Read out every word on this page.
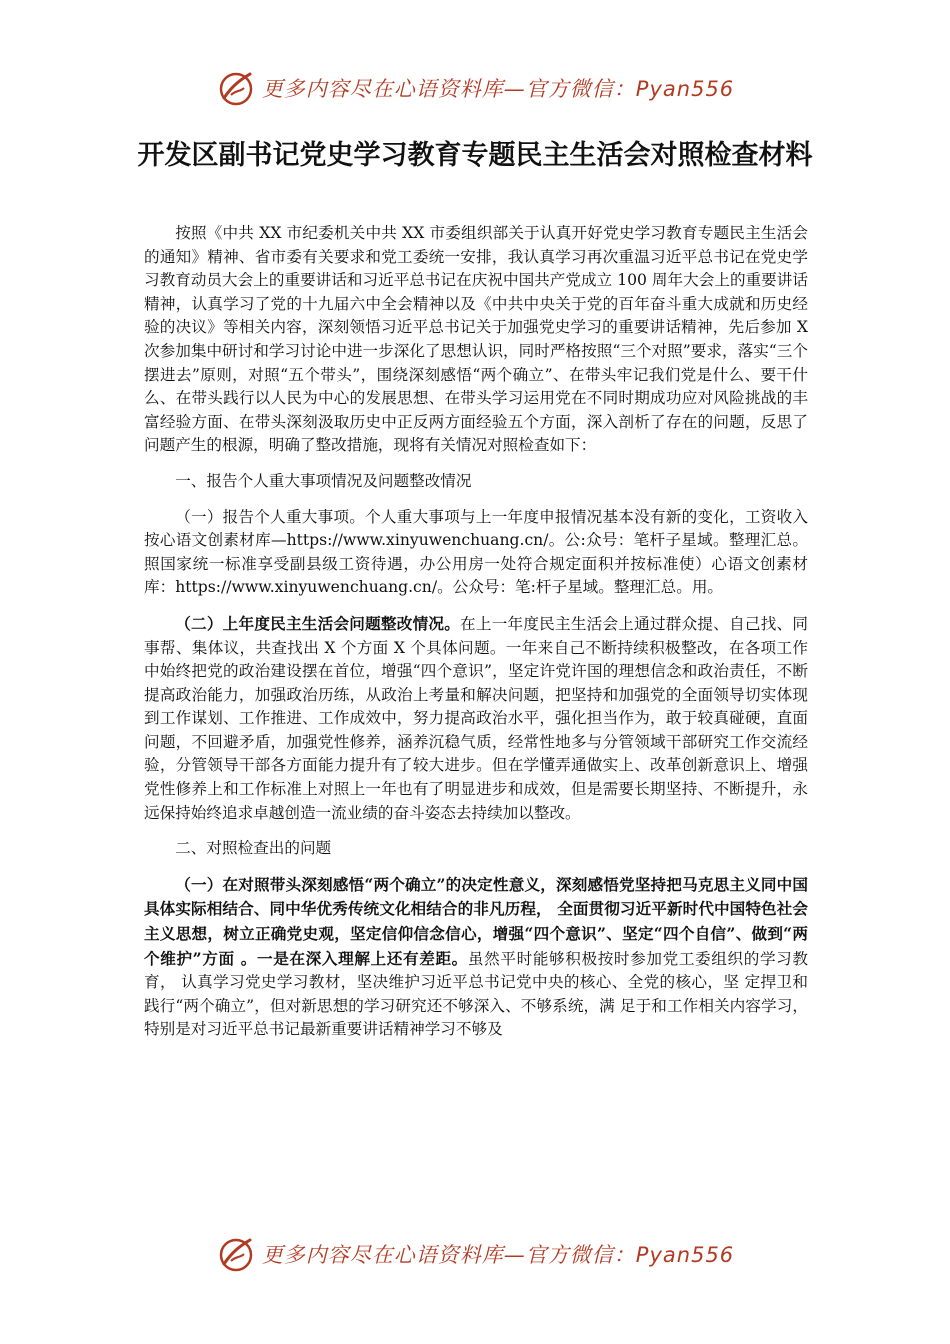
更多内容尽在心语资料库—官方微信：Pyan556
开发区副书记党史学习教育专题民主生活会对照检查材料

按照《中共 XX 市纪委机关中共 XX 市委组织部关于认真开好党史学习教育专题民主生活会的通知》精神、省市委有关要求和党工委统一安排，我认真学习再次重温习近平总书记在党史学习教育动员大会上的重要讲话和习近平总书记在庆祝中国共产党成立 100 周年大会上的重要讲话精神，认真学习了党的十九届六中全会精神以及《中共中央关于党的百年奋斗重大成就和历史经验的决议》等相关内容，深刻领悟习近平总书记关于加强党史学习的重要讲话精神，先后参加 X 次参加集中研讨和学习讨论中进一步深化了思想认识，同时严格按照“三个对照”要求，落实“三个摆进去”原则，对照“五个带头”，围绕深刻感悟“两个确立”、在带头牢记我们党是什么、要干什么、在带头践行以人民为中心的发展思想、在带头学习运用党在不同时期成功应对风险挑战的丰富经验方面、在带头深刻汲取历史中正反两方面经验五个方面，深入剖析了存在的问题，反思了问题产生的根源，明确了整改措施，现将有关情况对照检查如下：

一、报告个人重大事项情况及问题整改情况

（一）报告个人重大事项。个人重大事项与上一年度申报情况基本没有新的变化，工资收入按心语文创素材库—https://www.xinyuwenchuang.cn/。公:众号：笔杆子星域。整理汇总。照国家统一标准享受副县级工资待遇，办公用房一处符合规定面积并按标准使）心语文创素材库：https://www.xinyuwenchuang.cn/。公众号：笔:杆子星域。整理汇总。用。

（二）上年度民主生活会问题整改情况。在上一年度民主生活会上通过群众提、自己找、同事帮、集体议，共查找出 X 个方面 X 个具体问题。一年来自己不断持续积极整改，在各项工作中始终把党的政治建设摆在首位，增强“四个意识”，坚定许党许国的理想信念和政治责任，不断提高政治能力，加强政治历练，从政治上考量和解决问题，把坚持和加强党的全面领导切实体现到工作谋划、工作推进、工作成效中，努力提高政治水平，强化担当作为，敢于较真碰硬，直面问题，不回避矛盾，加强党性修养，涵养沉稳气质，经常性地多与分管领域干部研究工作交流经验，分管领导干部各方面能力提升有了较大进步。但在学懂弄通做实上、改革创新意识上、增强党性修养上和工作标准上对照上一年也有了明显进步和成效，但是需要长期坚持、不断提升，永远保持始终追求卓越创造一流业绩的奋斗姿态去持续加以整改。

二、对照检查出的问题

（一）在对照带头深刻感悟“两个确立”的决定性意义，深刻感悟党坚持把马克思主义同中国具体实际相结合、同中华优秀传统文化相结合的非凡历程， 全面贯彻习近平新时代中国特色社会主义思想，树立正确党史观，坚定信仰信念信心，增强“四个意识”、坚定“四个自信”、做到“两个维护”方面 。一是在深入理解上还有差距。虽然平时能够积极按时参加党工委组织的学习教育， 认真学习党史学习教材，坚决维护习近平总书记党中央的核心、全党的核心，坚 定捍卫和践行“两个确立”，但对新思想的学习研究还不够深入、不够系统，满 足于和工作相关内容学习，特别是对习近平总书记最新重要讲话精神学习不够及

更多内容尽在心语资料库—官方微信：Pyan556
